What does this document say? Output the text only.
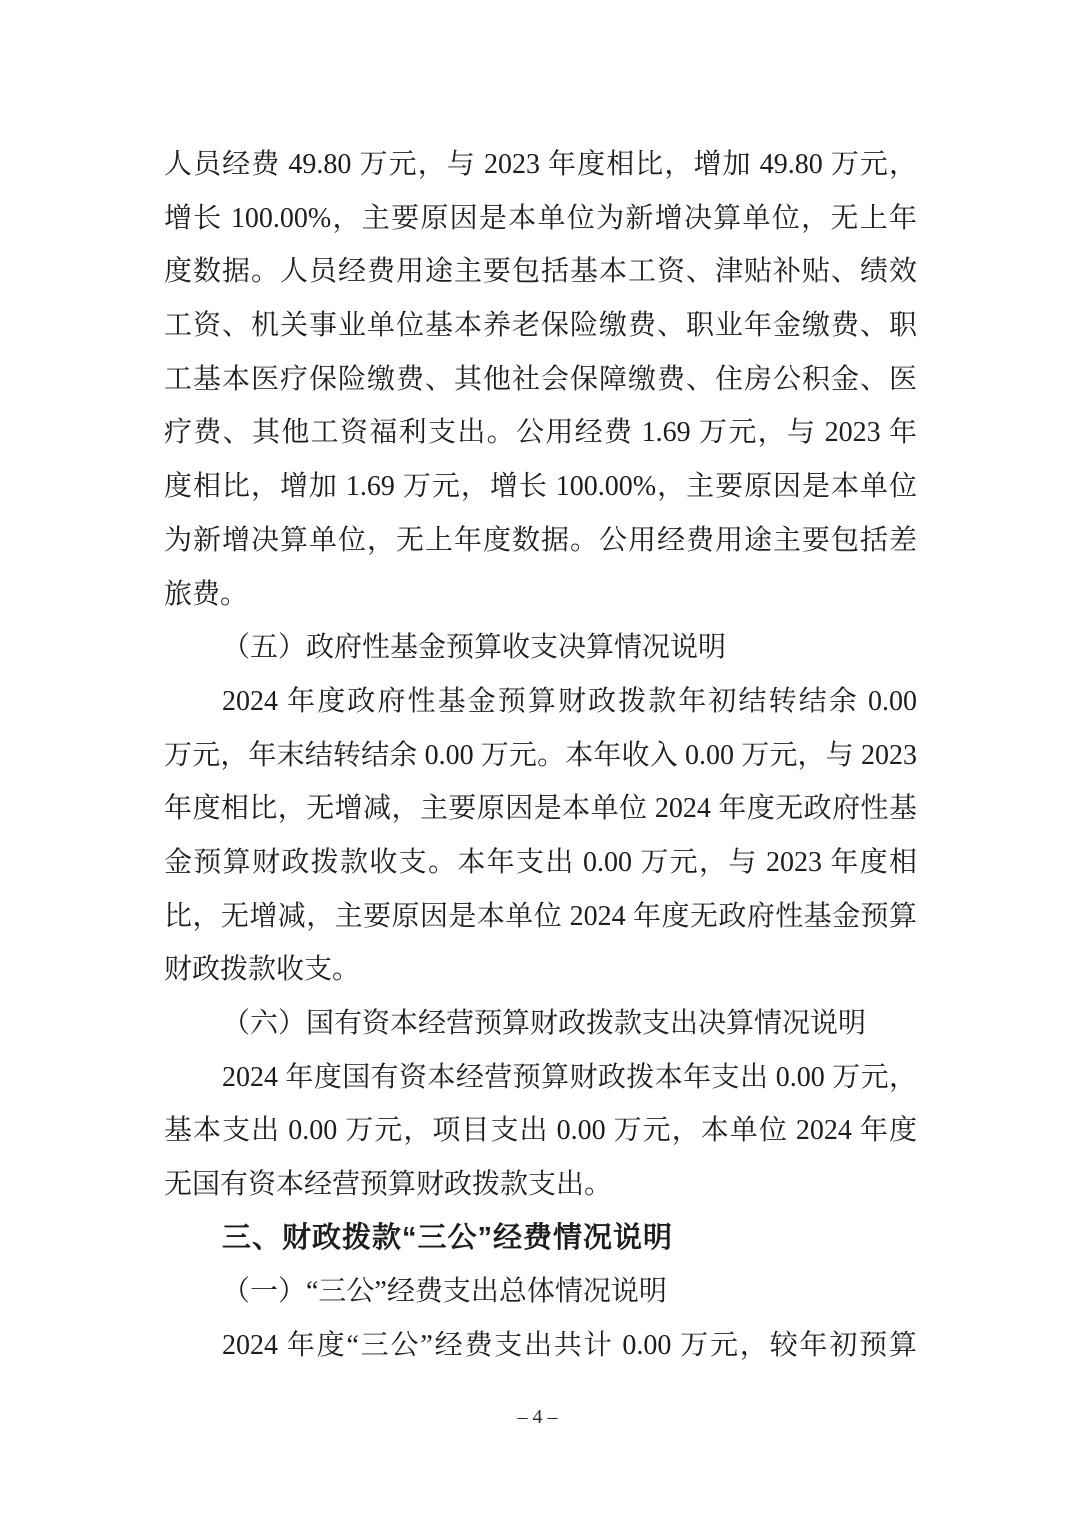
人员经费 49.80 万元，与 2023 年度相比，增加 49.80 万元，
增长 100.00%，主要原因是本单位为新增决算单位，无上年
度数据。人员经费用途主要包括基本工资、津贴补贴、绩效
工资、机关事业单位基本养老保险缴费、职业年金缴费、职
工基本医疗保险缴费、其他社会保障缴费、住房公积金、医
疗费、其他工资福利支出。公用经费 1.69 万元，与 2023 年
度相比，增加 1.69 万元，增长 100.00%，主要原因是本单位
为新增决算单位，无上年度数据。公用经费用途主要包括差
旅费。
（五）政府性基金预算收支决算情况说明
2024 年度政府性基金预算财政拨款年初结转结余 0.00
万元，年末结转结余 0.00 万元。本年收入 0.00 万元，与 2023
年度相比，无增减，主要原因是本单位 2024 年度无政府性基
金预算财政拨款收支。本年支出 0.00 万元，与 2023 年度相
比，无增减，主要原因是本单位 2024 年度无政府性基金预算
财政拨款收支。
（六）国有资本经营预算财政拨款支出决算情况说明
2024 年度国有资本经营预算财政拨本年支出 0.00 万元，
基本支出 0.00 万元，项目支出 0.00 万元，本单位 2024 年度
无国有资本经营预算财政拨款支出。
三、财政拨款“三公”经费情况说明
（一）“三公”经费支出总体情况说明
2024 年度“三公”经费支出共计 0.00 万元，较年初预算
– 4 –
